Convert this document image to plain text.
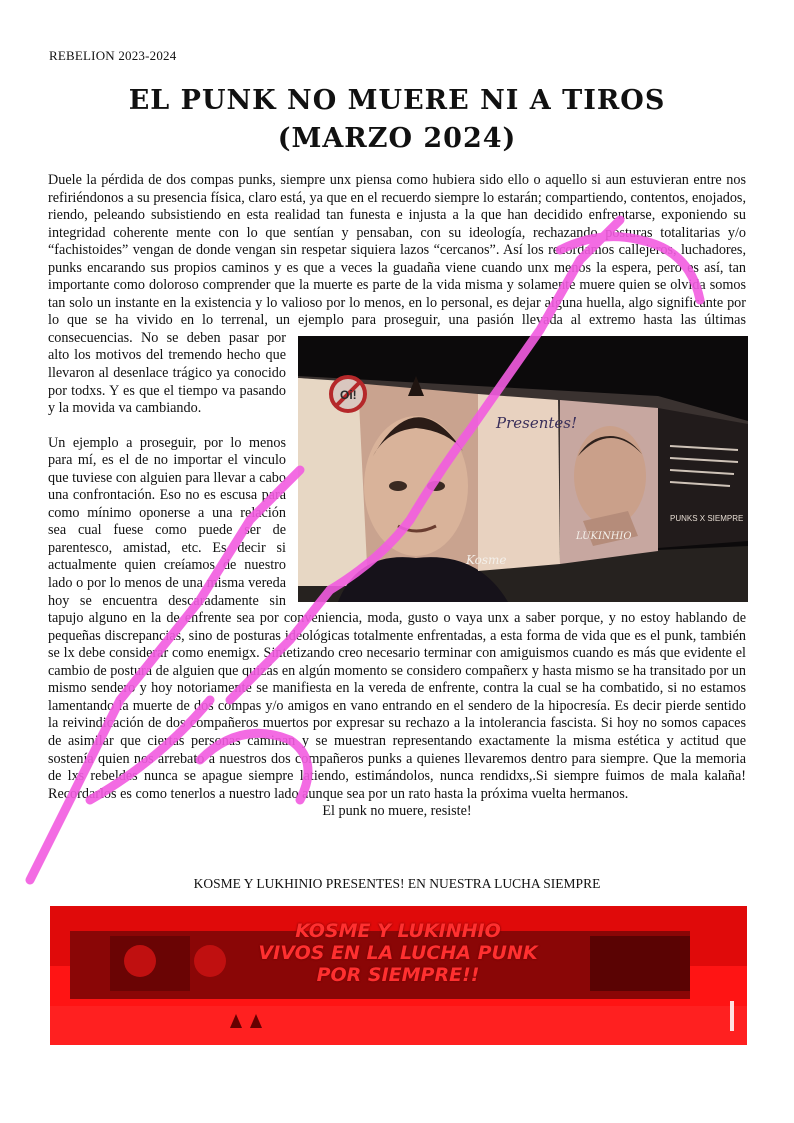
REBELION 2023-2024
EL PUNK NO MUERE NI A TIROS
(MARZO 2024)

Duele la pérdida de dos compas punks, siempre unx piensa como hubiera sido ello o aquello si aun estuvieran entre nos refiriéndonos a su presencia física, claro está, ya que en el recuerdo siempre lo estarán; compartiendo, contentos, enojados, riendo, peleando subsistiendo en esta realidad tan funesta e injusta a la que han decidido enfrentarse, exponiendo su integridad coherente mente con lo que sentían y pensaban, con su ideología, rechazando posturas totalitarias y/o “fachistoides” vengan de donde vengan sin respetar siquiera lazos “cercanos”. Así los recordamos callejeros, luchadores, punks encarando sus propios caminos y es que a veces la guadaña viene cuando unx menos la espera, pero es así, tan importante como doloroso comprender que la muerte es parte de la vida misma y solamente muere quien se olvida somos tan solo un instante en la existencia y lo valioso por lo menos, en lo personal, es dejar alguna huella, algo significante por lo que se ha vivido en lo terrenal, un ejemplo para proseguir, una pasión llevada al extremo hasta las
Oi!
Presentes!
Kosme
LUKINHIO
PUNKS X SIEMPRE
últimas consecuencias. No se deben pasar por alto los motivos del tremendo hecho que llevaron al desenlace trágico ya conocido por todxs. Y es que el tiempo va pasando y la movida va cambiando.

Un ejemplo a proseguir, por lo menos para mí, es el de no importar el vinculo que tuviese con alguien para llevar a cabo una confrontación. Eso no es escusa para como mínimo oponerse a una relación sea cual fuese como puede ser de parentesco, amistad, etc. Es decir si actualmente quien creíamos de nuestro lado o por lo menos de una misma vereda hoy se encuentra descaradamente sin tapujo alguno en la de enfrente sea por conveniencia, moda, gusto o vaya unx a saber porque, y no estoy hablando de pequeñas discrepancias, sino de posturas ideológicas totalmente enfrentadas, a esta forma de vida que es el punk, también se lx debe considerar como enemigx. Sintetizando creo necesario terminar con amiguismos cuando es más que evidente el cambio de postura de alguien que quizás en algún momento se considero compañerx y hasta mismo se ha transitado por un mismo sendero y hoy notoriamente se manifiesta en la vereda de enfrente, contra la cual se ha combatido, si no estamos lamentando la muerte de dos compas y/o amigos en vano entrando en el sendero de la hipocresía. Es decir pierde sentido la reivindicación de dos compañeros muertos por expresar su rechazo a la intolerancia fascista. Si hoy no somos capaces de asimilar que ciertas personas caminan y se muestran representando exactamente la misma estética y actitud que sostenía quien nos arrebato a nuestros dos compañeros punks a quienes llevaremos dentro para siempre. Que la memoria de lxs rebeldes nunca se apague siempre latiendo, estimándolos, nunca rendidxs,.Si siempre fuimos de mala kalaña! Recordarlos es como tenerlos a nuestro lado aunque sea por un rato hasta la próxima vuelta hermanos.

El punk no muere, resiste!

KOSME Y LUKHINIO PRESENTES! EN NUESTRA LUCHA SIEMPRE
KOSME Y LUKINHIO
VIVOS EN LA LUCHA PUNK
POR SIEMPRE!!
